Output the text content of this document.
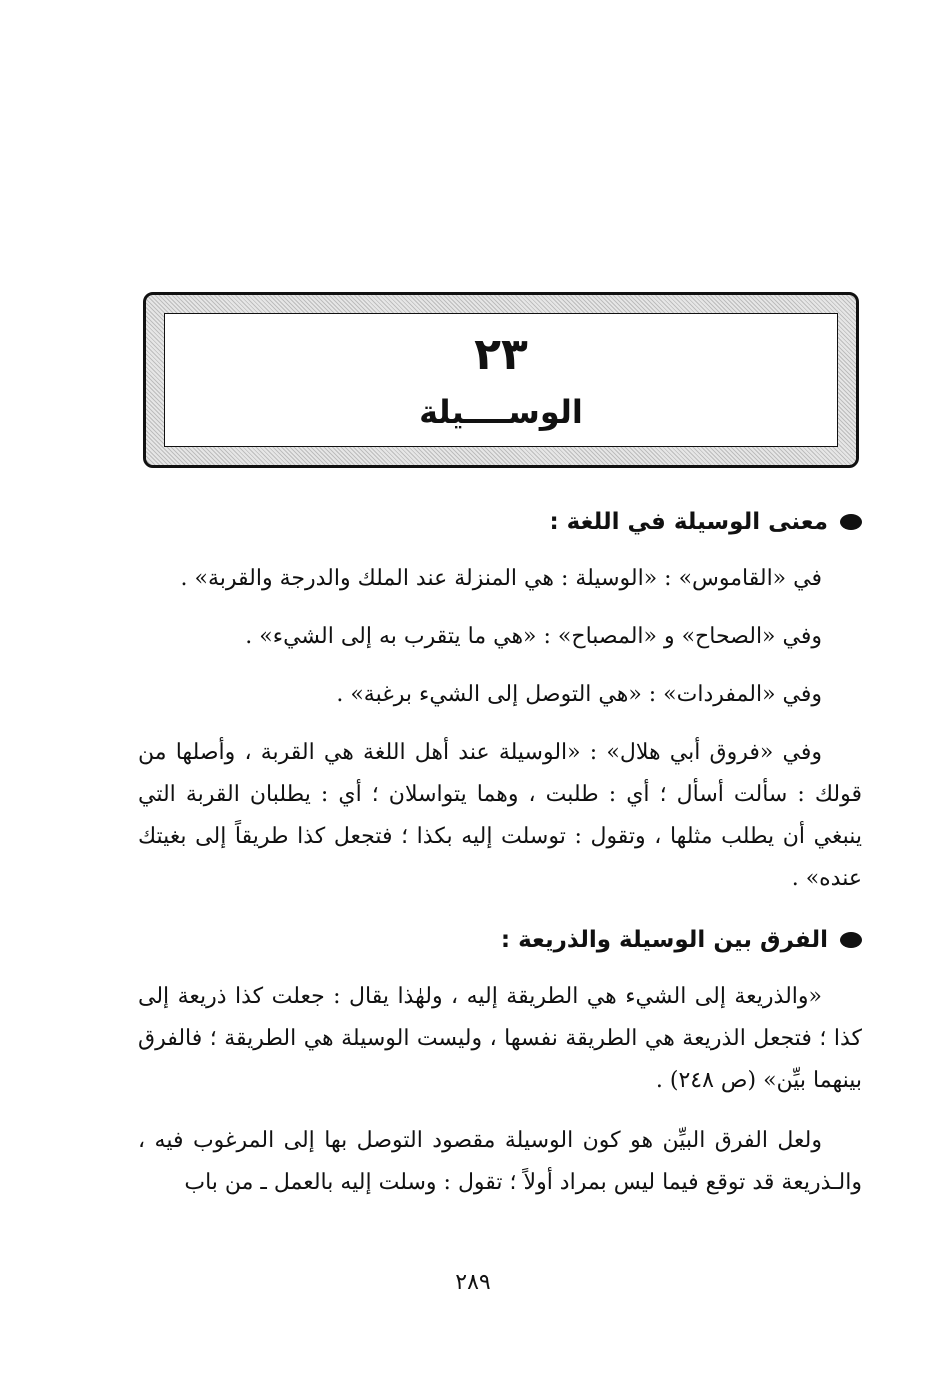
٢٣
الوســــيلة
معنى الوسيلة في اللغة :

في «القاموس» : «الوسيلة : هي المنزلة عند الملك والدرجة والقربة» .

وفي «الصحاح» و «المصباح» : «هي ما يتقرب به إلى الشيء» .

وفي «المفردات» : «هي التوصل إلى الشيء برغبة» .

وفي «فروق أبي هلال» : «الوسيلة عند أهل اللغة هي القربة ، وأصلها من قولك : سألت أسأل ؛ أي : طلبت ، وهما يتواسلان ؛ أي : يطلبان القربة التي ينبغي أن يطلب مثلها ، وتقول : توسلت إليه بكذا ؛ فتجعل كذا طريقاً إلى بغيتك عنده» .

الفرق بين الوسيلة والذريعة :

«والذريعة إلى الشيء هي الطريقة إليه ، ولهٰذا يقال : جعلت كذا ذريعة إلى كذا ؛ فتجعل الذريعة هي الطريقة نفسها ، وليست الوسيلة هي الطريقة ؛ فالفرق بينهما بيِّن» (ص ٢٤٨) .

ولعل الفرق البيِّن هو كون الوسيلة مقصود التوصل بها إلى المرغوب فيه ، والـذريعة قد توقع فيما ليس بمراد أولاً ؛ تقول : وسلت إليه بالعمل ـ من باب

٢٨٩
